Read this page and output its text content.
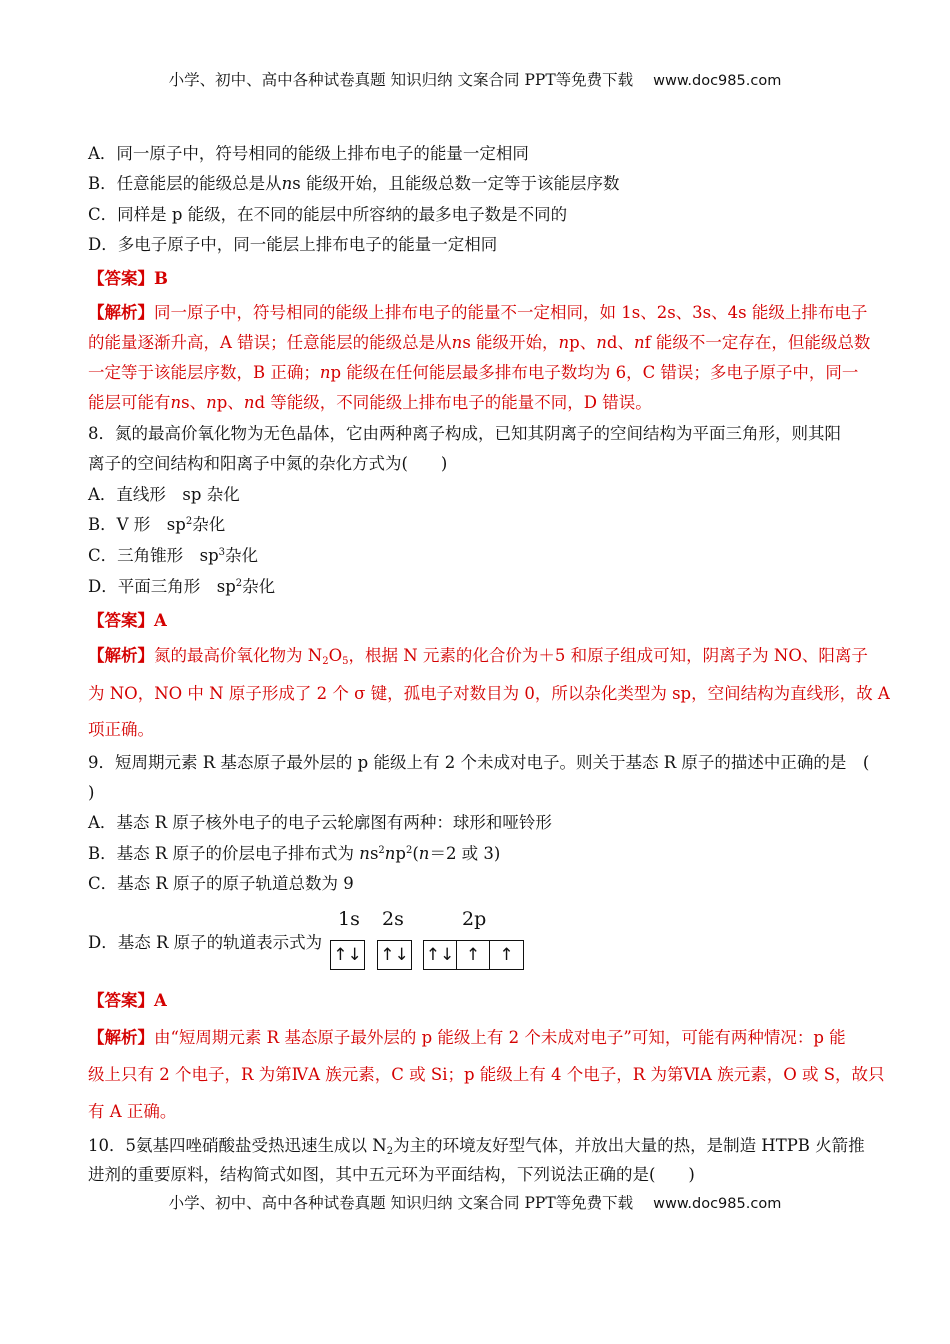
小学、初中、高中各种试卷真题 知识归纳 文案合同 PPT等免费下载 www.doc985.com
A．同一原子中，符号相同的能级上排布电子的能量一定相同
B．任意能层的能级总是从ns 能级开始，且能级总数一定等于该能层序数
C．同样是 p 能级，在不同的能层中所容纳的最多电子数是不同的
D．多电子原子中，同一能层上排布电子的能量一定相同
【答案】B
【解析】同一原子中，符号相同的能级上排布电子的能量不一定相同，如 1s、2s、3s、4s 能级上排布电子
的能量逐渐升高，A 错误；任意能层的能级总是从ns 能级开始，np、nd、nf 能级不一定存在，但能级总数
一定等于该能层序数，B 正确；np 能级在任何能层最多排布电子数均为 6，C 错误；多电子原子中，同一
能层可能有ns、np、nd 等能级，不同能级上排布电子的能量不同，D 错误。
8．氮的最高价氧化物为无色晶体，它由两种离子构成，已知其阴离子的空间结构为平面三角形，则其阳
离子的空间结构和阳离子中氮的杂化方式为(　　)
A．直线形　sp 杂化
B．V 形　$sp^2$杂化
C．三角锥形　$sp^3$杂化
D．平面三角形　$sp^2$杂化
【答案】A
【解析】氮的最高价氧化物为 $N_2O_5$，根据 N 元素的化合价为＋5 和原子组成可知，阴离子为 NO、阳离子
为 NO，NO 中 N 原子形成了 2 个 σ 键，孤电子对数目为 0，所以杂化类型为 sp，空间结构为直线形，故 A
项正确。
9．短周期元素 R 基态原子最外层的 p 能级上有 2 个未成对电子。则关于基态 R 原子的描述中正确的是　(
)
A．基态 R 原子核外电子的电子云轮廓图有两种：球形和哑铃形
B．基态 R 原子的价层电子排布式为 $ns^2np^2(n=2$ 或 3)
C．基态 R 原子的原子轨道总数为 9
D．基态 R 原子的轨道表示式为
1s 2s	2p
↑↓ ↑↓ ↑↓ ↑	↑
【答案】A
【解析】由“短周期元素 R 基态原子最外层的 p 能级上有 2 个未成对电子”可知，可能有两种情况：p 能
级上只有 2 个电子，R 为第ⅣA 族元素，C 或 Si；p 能级上有 4 个电子，R 为第ⅥA 族元素，O 或 S，故只
有 A 正确。
10．5氨基四唑硝酸盐受热迅速生成以 $N_2$为主的环境友好型气体，并放出大量的热，是制造 HTPB 火箭推
进剂的重要原料，结构简式如图，其中五元环为平面结构，下列说法正确的是(　　)
小学、初中、高中各种试卷真题 知识归纳 文案合同 PPT等免费下载 www.doc985.com
